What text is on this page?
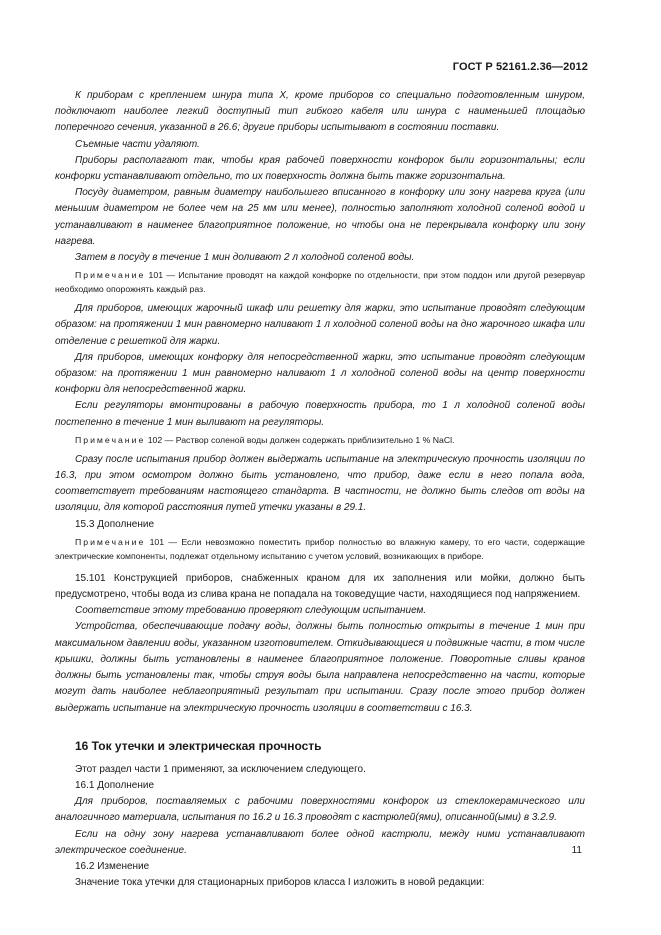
ГОСТ Р 52161.2.36—2012

К приборам с креплением шнура типа X, кроме приборов со специально подготовленным шнуром, подключают наиболее легкий доступный тип гибкого кабеля или шнура с наименьшей площадью поперечного сечения, указанной в 26.6; другие приборы испытывают в состоянии поставки.

Съемные части удаляют.

Приборы располагают так, чтобы края рабочей поверхности конфорок были горизонтальны; если конфорки устанавливают отдельно, то их поверхность должна быть также горизонтальна.

Посуду диаметром, равным диаметру наибольшего вписанного в конфорку или зону нагрева круга (или меньшим диаметром не более чем на 25 мм или менее), полностью заполняют холодной соленой водой и устанавливают в наименее благоприятное положение, но чтобы она не перекрывала конфорку или зону нагрева.

Затем в посуду в течение 1 мин доливают 2 л холодной соленой воды.

Примечание 101 — Испытание проводят на каждой конфорке по отдельности, при этом поддон или другой резервуар необходимо опорожнять каждый раз.

Для приборов, имеющих жарочный шкаф или решетку для жарки, это испытание проводят следующим образом: на протяжении 1 мин равномерно наливают 1 л холодной соленой воды на дно жарочного шкафа или отделение с решеткой для жарки.

Для приборов, имеющих конфорку для непосредственной жарки, это испытание проводят следующим образом: на протяжении 1 мин равномерно наливают 1 л холодной соленой воды на центр поверхности конфорки для непосредственной жарки.

Если регуляторы вмонтированы в рабочую поверхность прибора, то 1 л холодной соленой воды постепенно в течение 1 мин выливают на регуляторы.

Примечание 102 — Раствор соленой воды должен содержать приблизительно 1 % NaCl.

Сразу после испытания прибор должен выдержать испытание на электрическую прочность изоляции по 16.3, при этом осмотром должно быть установлено, что прибор, даже если в него попала вода, соответствует требованиям настоящего стандарта. В частности, не должно быть следов от воды на изоляции, для которой расстояния путей утечки указаны в 29.1.

15.3 Дополнение

Примечание 101 — Если невозможно поместить прибор полностью во влажную камеру, то его части, содержащие электрические компоненты, подлежат отдельному испытанию с учетом условий, возникающих в приборе.

15.101 Конструкцией приборов, снабженных краном для их заполнения или мойки, должно быть предусмотрено, чтобы вода из слива крана не попадала на токоведущие части, находящиеся под напряжением.

Соответствие этому требованию проверяют следующим испытанием.

Устройства, обеспечивающие подачу воды, должны быть полностью открыты в течение 1 мин при максимальном давлении воды, указанном изготовителем. Откидывающиеся и подвижные части, в том числе крышки, должны быть установлены в наименее благоприятное положение. Поворотные сливы кранов должны быть установлены так, чтобы струя воды была направлена непосредственно на части, которые могут дать наиболее неблагоприятный результат при испытании. Сразу после этого прибор должен выдержать испытание на электрическую прочность изоляции в соответствии с 16.3.

16 Ток утечки и электрическая прочность

Этот раздел части 1 применяют, за исключением следующего.

16.1 Дополнение

Для приборов, поставляемых с рабочими поверхностями конфорок из стеклокерамического или аналогичного материала, испытания по 16.2 и 16.3 проводят с кастрюлей(ями), описанной(ыми) в 3.2.9.

Если на одну зону нагрева устанавливают более одной кастрюли, между ними устанавливают электрическое соединение.

16.2 Изменение

Значение тока утечки для стационарных приборов класса I изложить в новой редакции:

11
